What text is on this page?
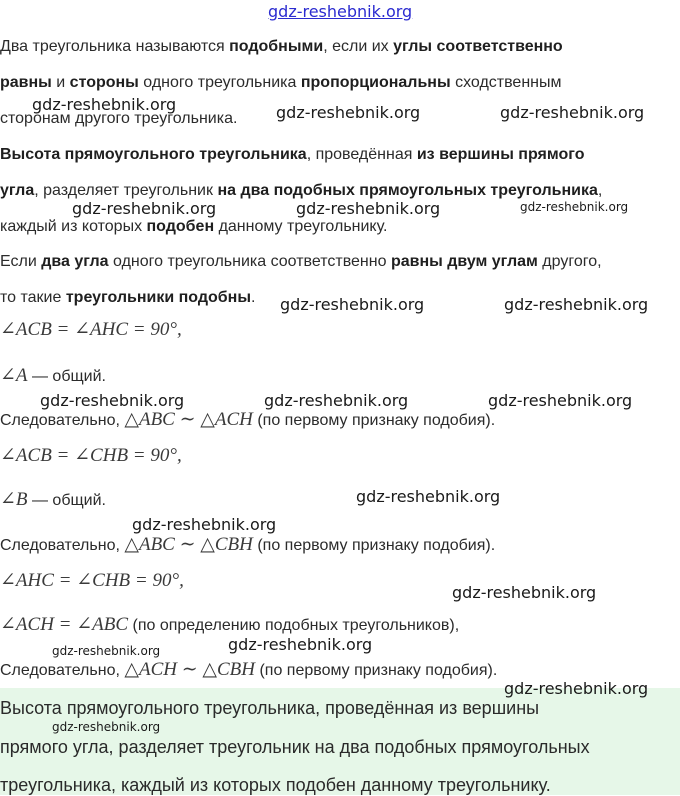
gdz-reshebnik.org
Два треугольника называются подобными, если их углы соответственно
равны и стороны одного треугольника пропорциональны сходственным
сторонам другого треугольника.
Высота прямоугольного треугольника, проведённая из вершины прямого
угла, разделяет треугольник на два подобных прямоугольных треугольника,
каждый из которых подобен данному треугольнику.
Если два угла одного треугольника соответственно равны двум углам другого,
то такие треугольники подобны.
∠ACB = ∠AHC = 90°,
∠A — общий.
Следовательно, △ABC ∼ △ACH (по первому признаку подобия).
∠ACB = ∠CHB = 90°,
∠B — общий.
Следовательно, △ABC ∼ △CBH (по первому признаку подобия).
∠AHC = ∠CHB = 90°,
∠ACH = ∠ABC (по определению подобных треугольников),
Следовательно, △ACH ∼ △CBH (по первому признаку подобия).
Высота прямоугольного треугольника, проведённая из вершины
прямого угла, разделяет треугольник на два подобных прямоугольных
треугольника, каждый из которых подобен данному треугольнику.
gdz-reshebnik.org	gdz-reshebnik.org	gdz-reshebnik.org
gdz-reshebnik.org	gdz-reshebnik.org	gdz-reshebnik.org
gdz-reshebnik.org	gdz-reshebnik.org
gdz-reshebnik.org	gdz-reshebnik.org	gdz-reshebnik.org
gdz-reshebnik.org
gdz-reshebnik.org
gdz-reshebnik.org
gdz-reshebnik.org
gdz-reshebnik.org
gdz-reshebnik.org
gdz-reshebnik.org
